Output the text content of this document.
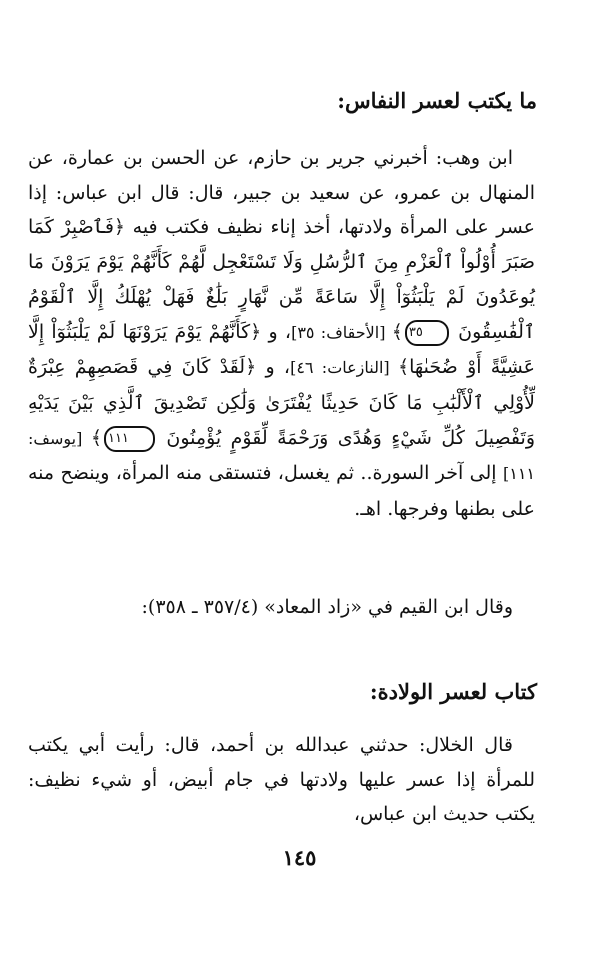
ما يكتب لعسر النفاس:

ابن وهب: أخبرني جرير بن حازم، عن الحسن بن عمارة، عن المنهال بن عمرو، عن سعيد بن جبير، قال: قال ابن عباس: إذا عسر على المرأة ولادتها، أخذ إناء نظيف فكتب فيه ﴿فَٱصْبِرْ كَمَا صَبَرَ أُوْلُواْ ٱلْعَزْمِ مِنَ ٱلرُّسُلِ وَلَا تَسْتَعْجِل لَّهُمْ كَأَنَّهُمْ يَوْمَ يَرَوْنَ مَا يُوعَدُونَ لَمْ يَلْبَثُوٓاْ إِلَّا سَاعَةً مِّن نَّهَارٍ بَلَٰغٌ فَهَلْ يُهْلَكُ إِلَّا ٱلْقَوْمُ ٱلْفَٰسِقُونَ ٣٥﴾ [الأحقاف: ٣٥]، و ﴿كَأَنَّهُمْ يَوْمَ يَرَوْنَهَا لَمْ يَلْبَثُوٓاْ إِلَّا عَشِيَّةً أَوْ ضُحَىٰهَا﴾ [النازعات: ٤٦]، و ﴿لَقَدْ كَانَ فِي قَصَصِهِمْ عِبْرَةٌ لِّأُوْلِي ٱلْأَلْبَٰبِ مَا كَانَ حَدِيثًا يُفْتَرَىٰ وَلَٰكِن تَصْدِيقَ ٱلَّذِي بَيْنَ يَدَيْهِ وَتَفْصِيلَ كُلِّ شَيْءٍ وَهُدًى وَرَحْمَةً لِّقَوْمٍ يُؤْمِنُونَ ١١١﴾ [يوسف: ١١١] إلى آخر السورة.. ثم يغسل، فتستقى منه المرأة، وينضح منه على بطنها وفرجها. اهـ.

وقال ابن القيم في «زاد المعاد» (٣٥٧/٤ ـ ٣٥٨):
كتاب لعسر الولادة:

قال الخلال: حدثني عبدالله بن أحمد، قال: رأيت أبي يكتب للمرأة إذا عسر عليها ولادتها في جام أبيض، أو شيء نظيف: يكتب حديث ابن عباس،

١٤٥
